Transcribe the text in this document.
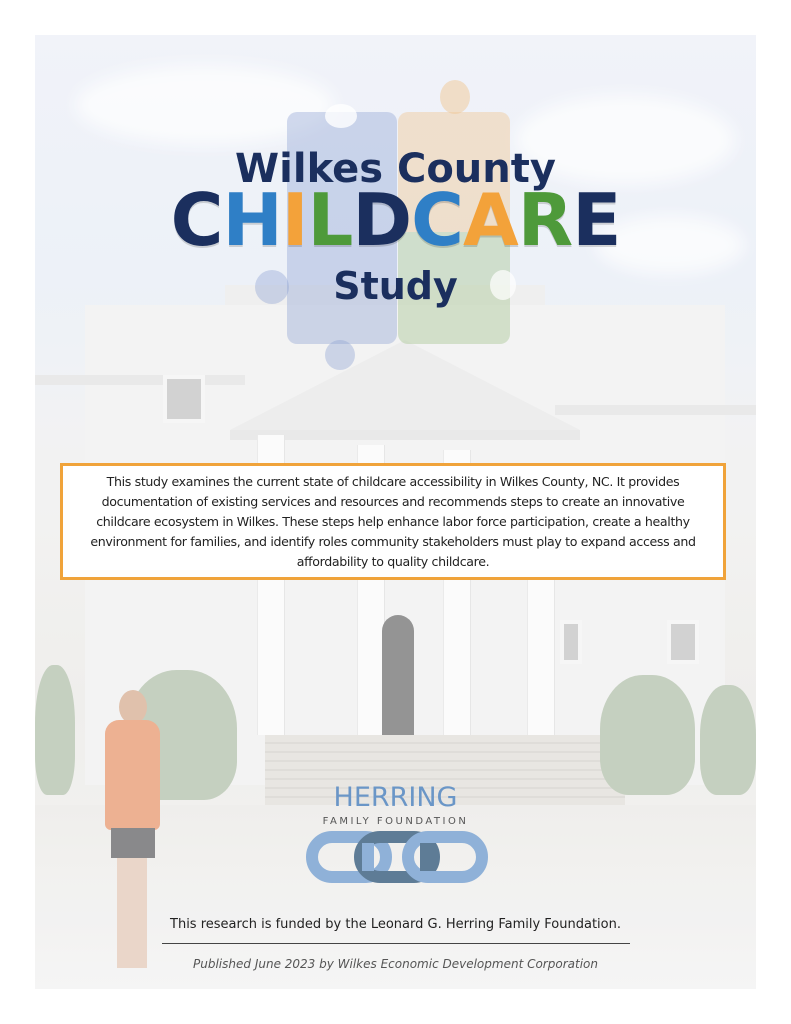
Wilkes County
CHILDCARE
Study
This study examines the current state of childcare accessibility in Wilkes County, NC. It provides documentation of existing services and resources and recommends steps to create an innovative childcare ecosystem in Wilkes. These steps help enhance labor force participation, create a healthy environment for families, and identify roles community stakeholders must play to expand access and affordability to quality childcare.
HERRING
FAMILY FOUNDATION
This research is funded by the Leonard G. Herring Family Foundation.
Published June 2023 by Wilkes Economic Development Corporation
